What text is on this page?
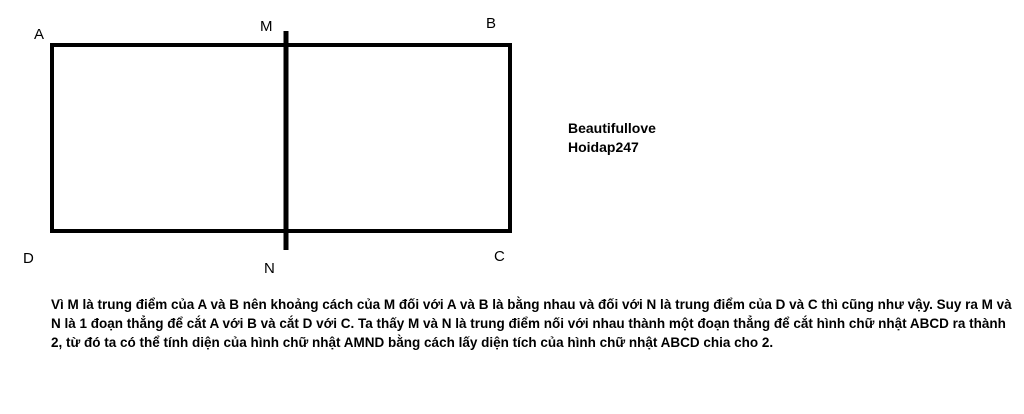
A	M	B
D
N
C
Beautifullove
Hoidap247

Vì M là trung điểm của A và B nên khoảng cách của M đối với A và B là bằng nhau và đối với N là trung điểm của D và C thì cũng như vậy. Suy ra M và N là 1 đoạn thẳng để cắt A với B và cắt D với C. Ta thấy M và N là trung điểm nối với nhau thành một đoạn thẳng để cắt hình chữ nhật ABCD ra thành 2, từ đó ta có thể tính diện của hình chữ nhật AMND bằng cách lấy diện tích của hình chữ nhật ABCD chia cho 2.
